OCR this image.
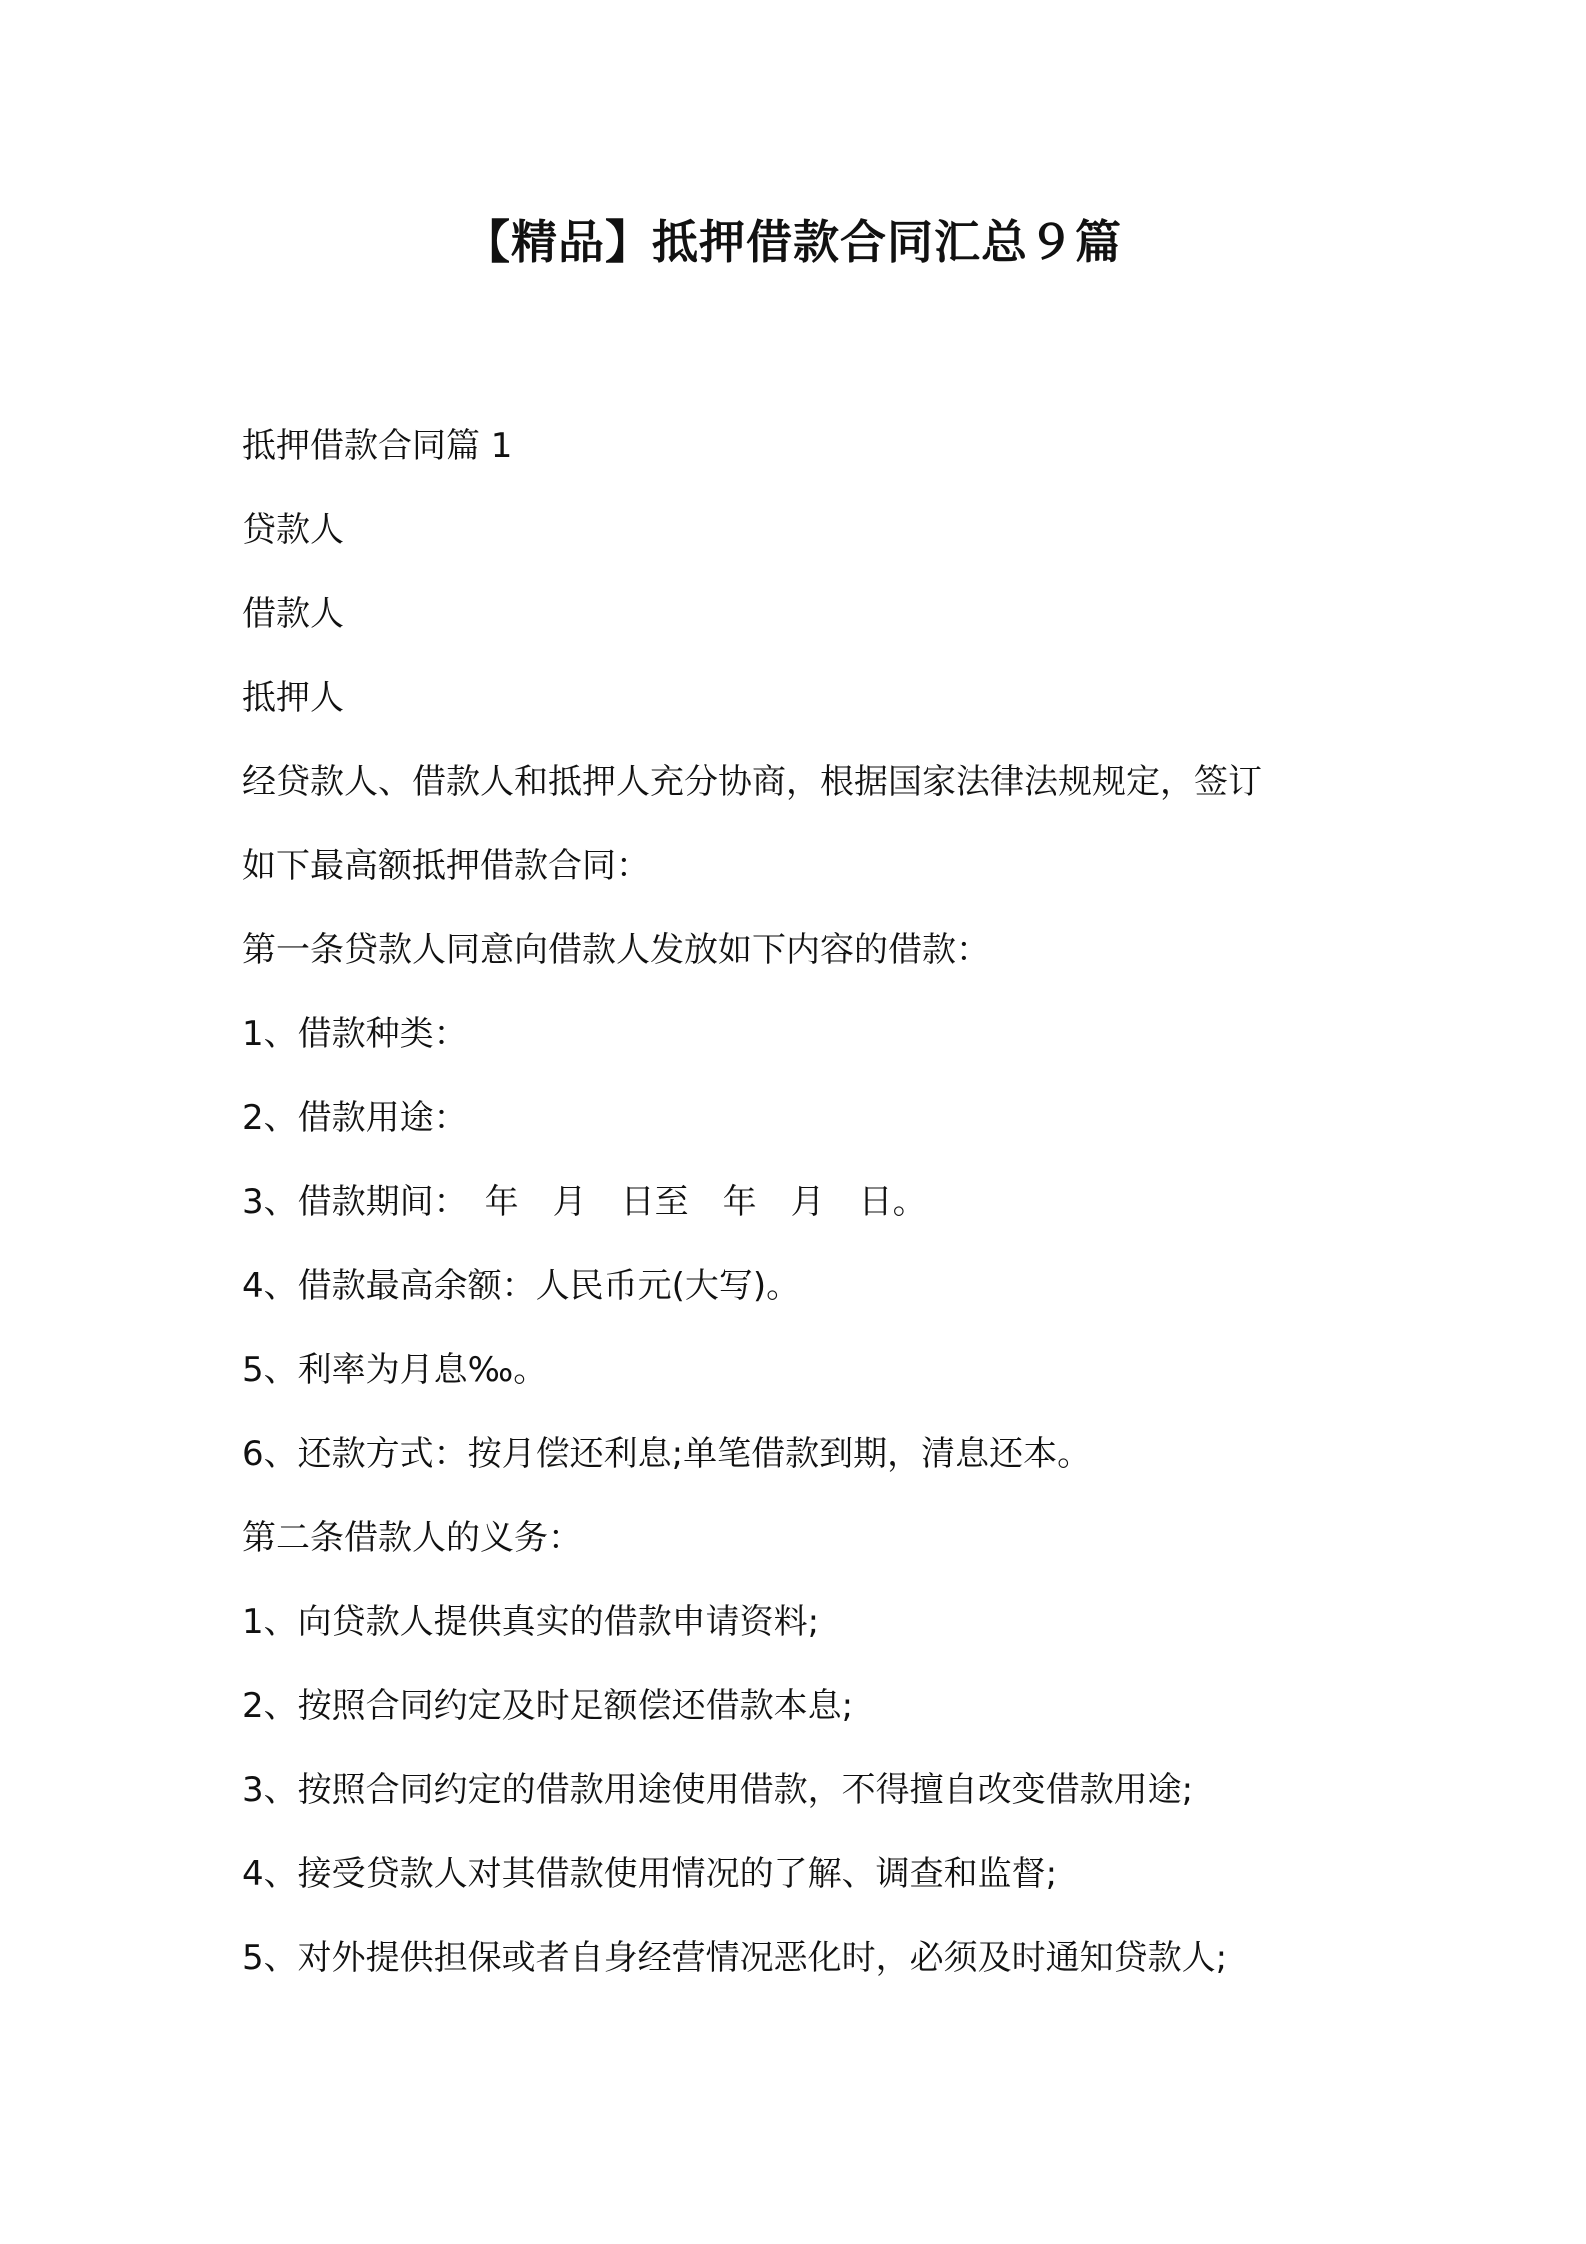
【精品】抵押借款合同汇总９篇
抵押借款合同篇 1
贷款人
借款人
抵押人
经贷款人、借款人和抵押人充分协商，根据国家法律法规规定，签订
如下最高额抵押借款合同：
第一条贷款人同意向借款人发放如下内容的借款：
1、借款种类：
2、借款用途：
3、借款期间：　年　月　日至　年　月　日。
4、借款最高余额：人民币元(大写)。
5、利率为月息‰。
6、还款方式：按月偿还利息;单笔借款到期，清息还本。
第二条借款人的义务：
1、向贷款人提供真实的借款申请资料;
2、按照合同约定及时足额偿还借款本息;
3、按照合同约定的借款用途使用借款，不得擅自改变借款用途;
4、接受贷款人对其借款使用情况的了解、调查和监督;
5、对外提供担保或者自身经营情况恶化时，必须及时通知贷款人;
